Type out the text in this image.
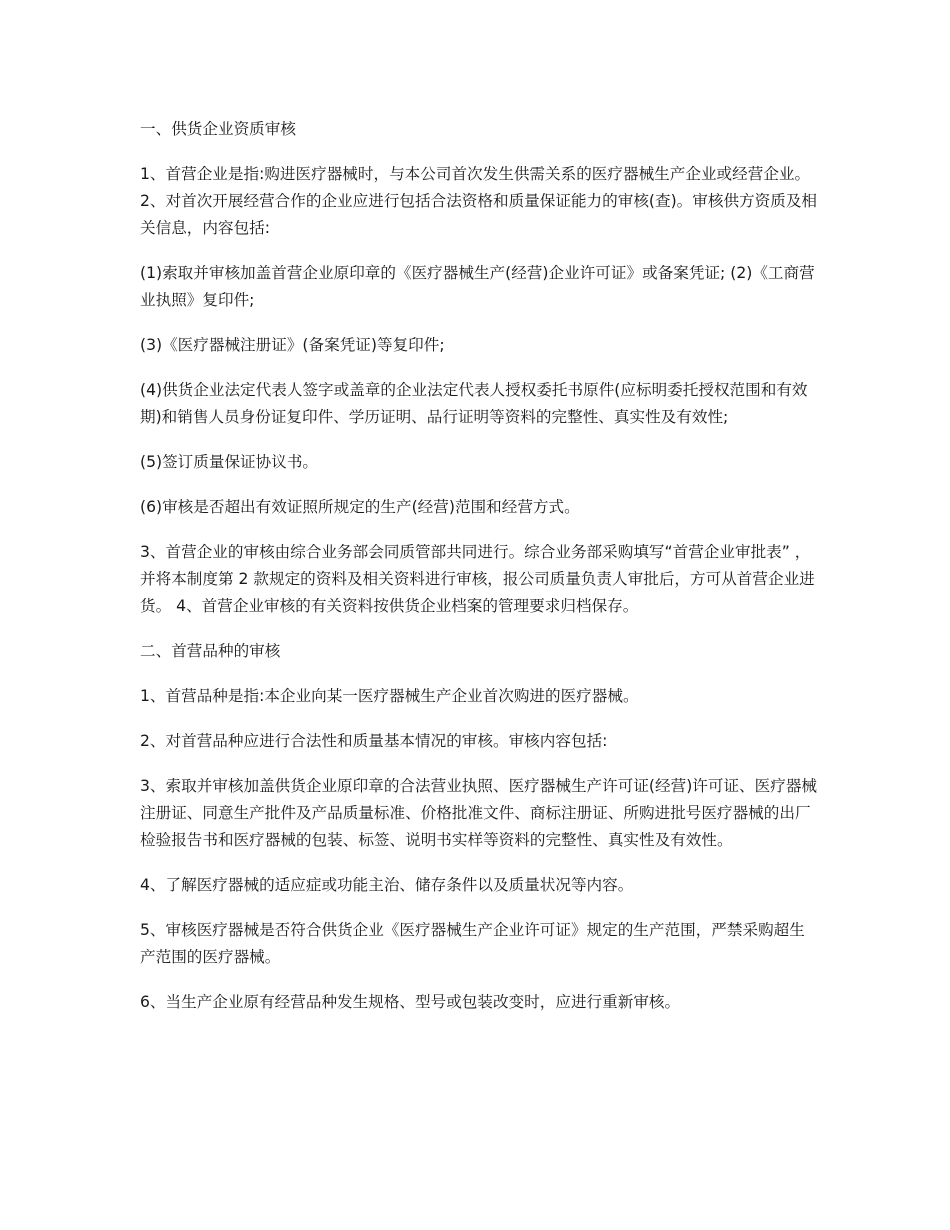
一、供货企业资质审核

1、首营企业是指:购进医疗器械时，与本公司首次发生供需关系的医疗器械生产企业或经营企业。 2、对首次开展经营合作的企业应进行包括合法资格和质量保证能力的审核(查)。审核供方资质及相关信息，内容包括:

(1)索取并审核加盖首营企业原印章的《医疗器械生产(经营)企业许可证》或备案凭证; (2)《工商营业执照》复印件;

(3)《医疗器械注册证》(备案凭证)等复印件;

(4)供货企业法定代表人签字或盖章的企业法定代表人授权委托书原件(应标明委托授权范围和有效期)和销售人员身份证复印件、学历证明、品行证明等资料的完整性、真实性及有效性;

(5)签订质量保证协议书。

(6)审核是否超出有效证照所规定的生产(经营)范围和经营方式。

3、首营企业的审核由综合业务部会同质管部共同进行。综合业务部采购填写“首营企业审批表” ，并将本制度第 2 款规定的资料及相关资料进行审核，报公司质量负责人审批后，方可从首营企业进货。 4、首营企业审核的有关资料按供货企业档案的管理要求归档保存。

二、首营品种的审核

1、首营品种是指:本企业向某一医疗器械生产企业首次购进的医疗器械。

2、对首营品种应进行合法性和质量基本情况的审核。审核内容包括:

3、索取并审核加盖供货企业原印章的合法营业执照、医疗器械生产许可证(经营)许可证、医疗器械注册证、同意生产批件及产品质量标准、价格批准文件、商标注册证、所购进批号医疗器械的出厂检验报告书和医疗器械的包装、标签、说明书实样等资料的完整性、真实性及有效性。

4、了解医疗器械的适应症或功能主治、储存条件以及质量状况等内容。

5、审核医疗器械是否符合供货企业《医疗器械生产企业许可证》规定的生产范围，严禁采购超生产范围的医疗器械。

6、当生产企业原有经营品种发生规格、型号或包装改变时，应进行重新审核。
